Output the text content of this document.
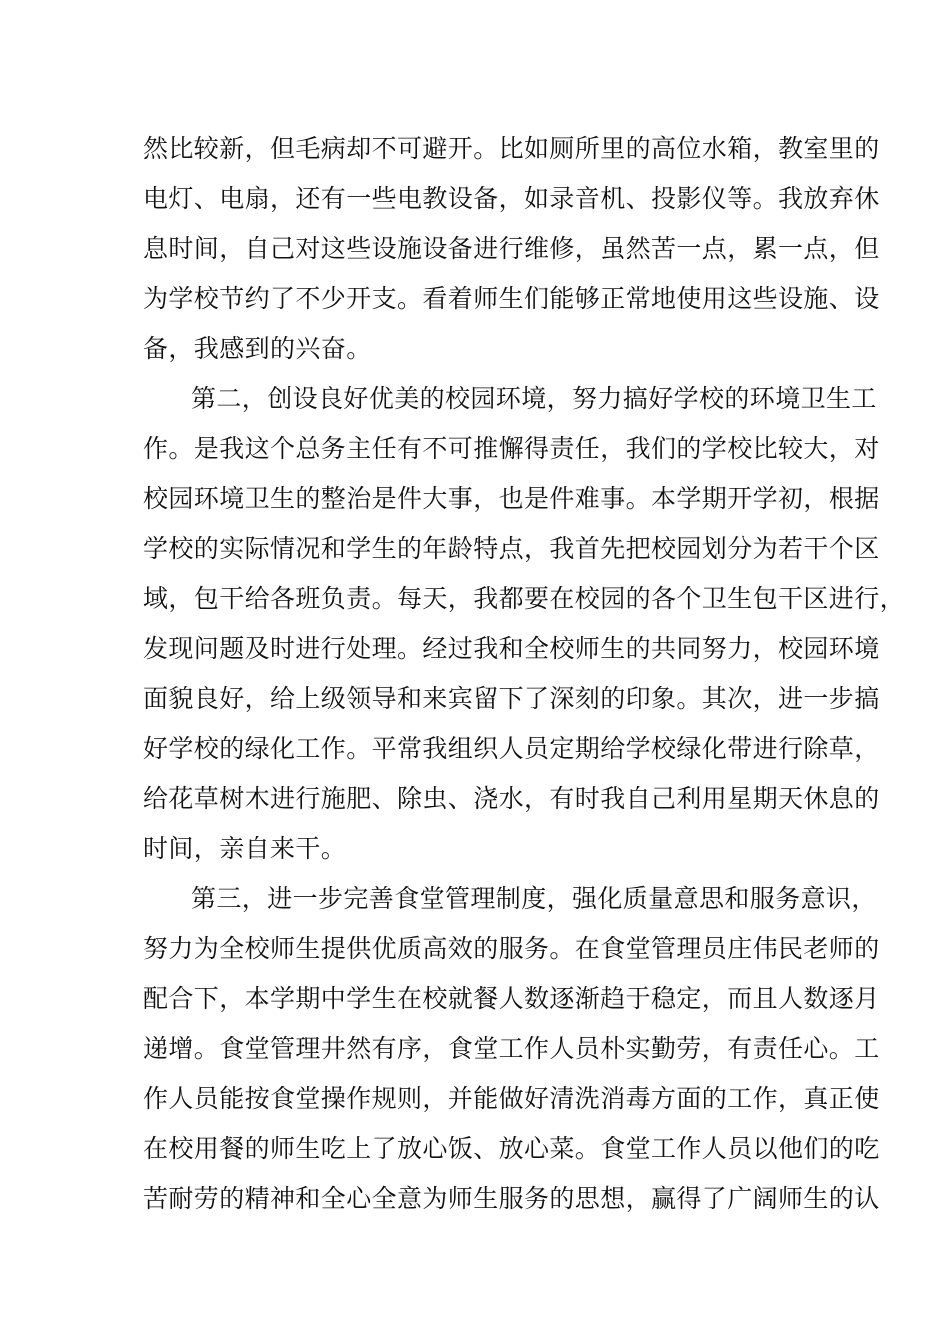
然比较新，但毛病却不可避开。比如厕所里的高位水箱，教室里的
电灯、电扇，还有一些电教设备，如录音机、投影仪等。我放弃休
息时间，自己对这些设施设备进行维修，虽然苦一点，累一点，但
为学校节约了不少开支。看着师生们能够正常地使用这些设施、设
备，我感到的兴奋。
第二，创设良好优美的校园环境，努力搞好学校的环境卫生工
作。是我这个总务主任有不可推懈得责任，我们的学校比较大，对
校园环境卫生的整治是件大事，也是件难事。本学期开学初，根据
学校的实际情况和学生的年龄特点，我首先把校园划分为若干个区
域，包干给各班负责。每天，我都要在校园的各个卫生包干区进行，
发现问题及时进行处理。经过我和全校师生的共同努力，校园环境
面貌良好，给上级领导和来宾留下了深刻的印象。其次，进一步搞
好学校的绿化工作。平常我组织人员定期给学校绿化带进行除草，
给花草树木进行施肥、除虫、浇水，有时我自己利用星期天休息的
时间，亲自来干。
第三，进一步完善食堂管理制度，强化质量意思和服务意识，
努力为全校师生提供优质高效的服务。在食堂管理员庄伟民老师的
配合下，本学期中学生在校就餐人数逐渐趋于稳定，而且人数逐月
递增。食堂管理井然有序，食堂工作人员朴实勤劳，有责任心。工
作人员能按食堂操作规则，并能做好清洗消毒方面的工作，真正使
在校用餐的师生吃上了放心饭、放心菜。食堂工作人员以他们的吃
苦耐劳的精神和全心全意为师生服务的思想，赢得了广阔师生的认
